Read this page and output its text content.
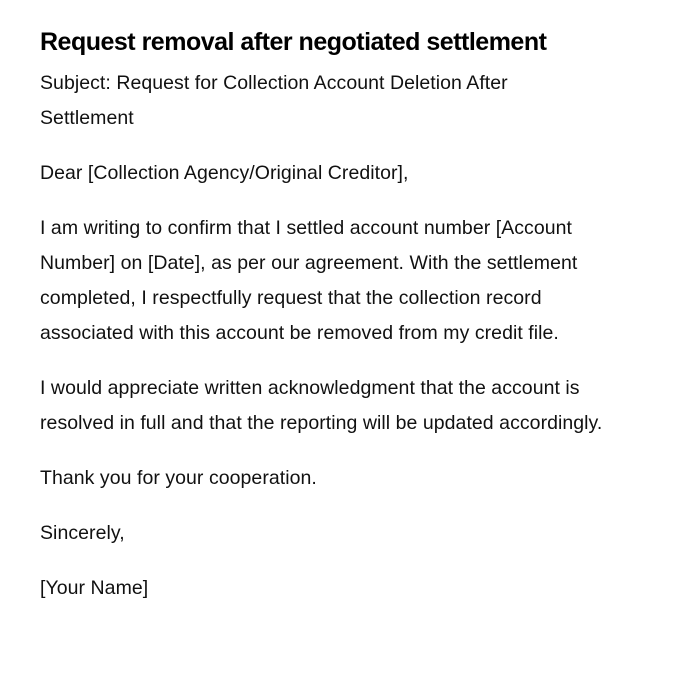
Request removal after negotiated settlement

Subject: Request for Collection Account Deletion After Settlement

Dear [Collection Agency/Original Creditor],

I am writing to confirm that I settled account number [Account Number] on [Date], as per our agreement. With the settlement completed, I respectfully request that the collection record associated with this account be removed from my credit file.

I would appreciate written acknowledgment that the account is resolved in full and that the reporting will be updated accordingly.

Thank you for your cooperation.

Sincerely,

[Your Name]
